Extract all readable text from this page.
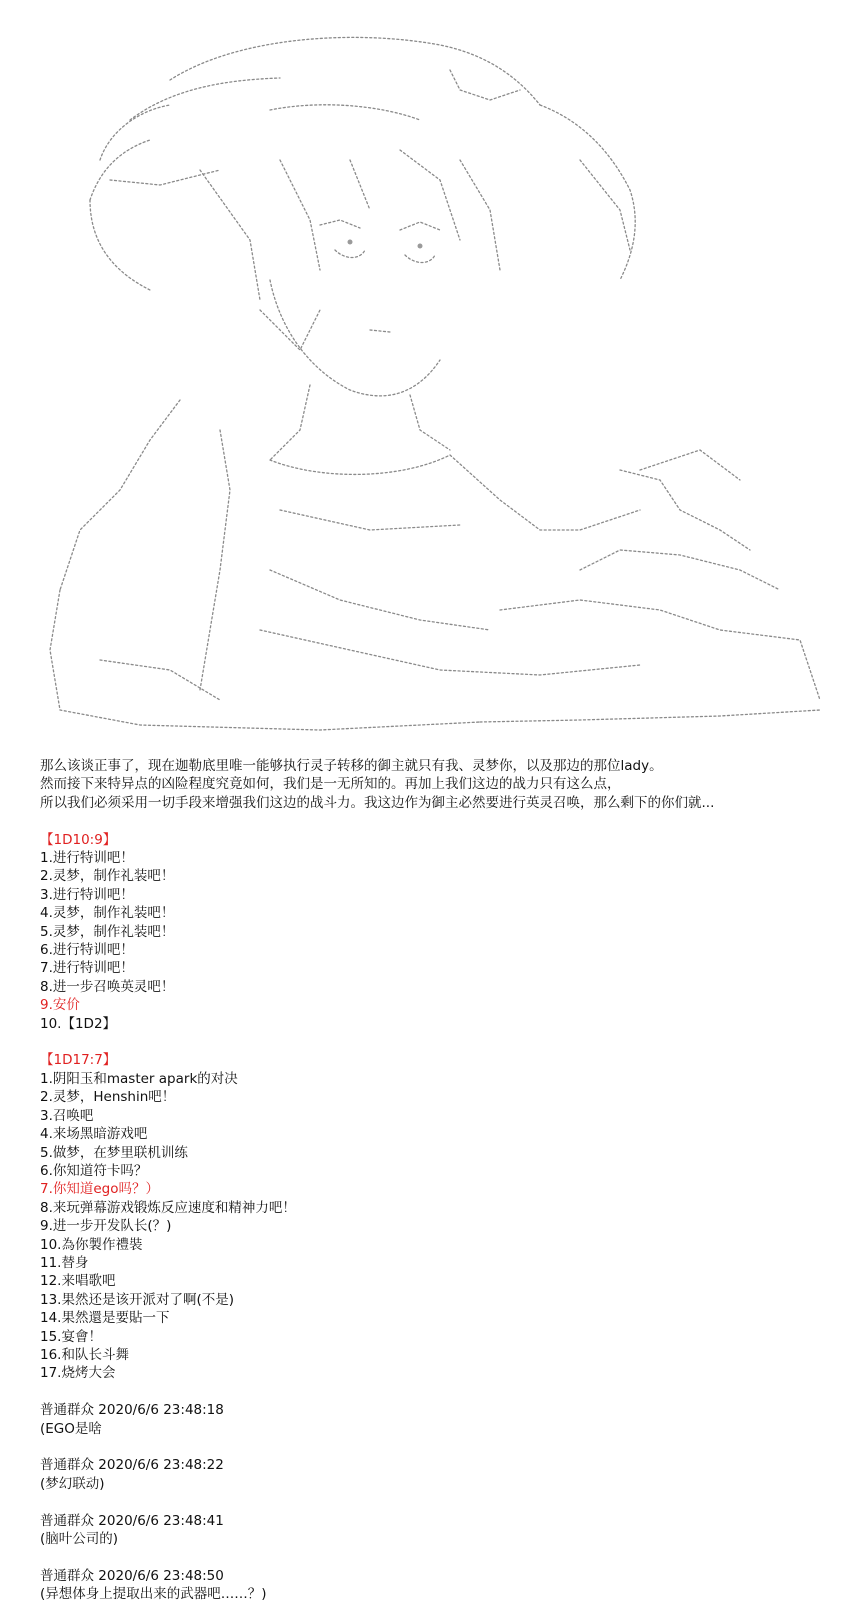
那么该谈正事了，现在迦勒底里唯一能够执行灵子转移的御主就只有我、灵梦你，以及那边的那位lady。
然而接下来特异点的凶险程度究竟如何，我们是一无所知的。再加上我们这边的战力只有这么点，
所以我们必须采用一切手段来增强我们这边的战斗力。我这边作为御主必然要进行英灵召唤，那么剩下的你们就...
【1D10:9】
1.进行特训吧！
2.灵梦，制作礼装吧！
3.进行特训吧！
4.灵梦，制作礼装吧！
5.灵梦，制作礼装吧！
6.进行特训吧！
7.进行特训吧！
8.进一步召唤英灵吧！
9.安价
10.【1D2】
【1D17:7】
1.阴阳玉和master apark的对决
2.灵梦，Henshin吧！
3.召唤吧
4.来场黑暗游戏吧
5.做梦，在梦里联机训练
6.你知道符卡吗？
7.你知道ego吗？）
8.来玩弹幕游戏锻炼反应速度和精神力吧！
9.进一步开发队长(？)
10.為你製作禮裝
11.替身
12.来唱歌吧
13.果然还是该开派对了啊(不是)
14.果然還是要貼一下
15.宴會！
16.和队长斗舞
17.烧烤大会
普通群众 2020/6/6 23:48:18
(EGO是啥
普通群众 2020/6/6 23:48:22
(梦幻联动)
普通群众 2020/6/6 23:48:41
(脑叶公司的)
普通群众 2020/6/6 23:48:50
(异想体身上提取出来的武器吧……？)
